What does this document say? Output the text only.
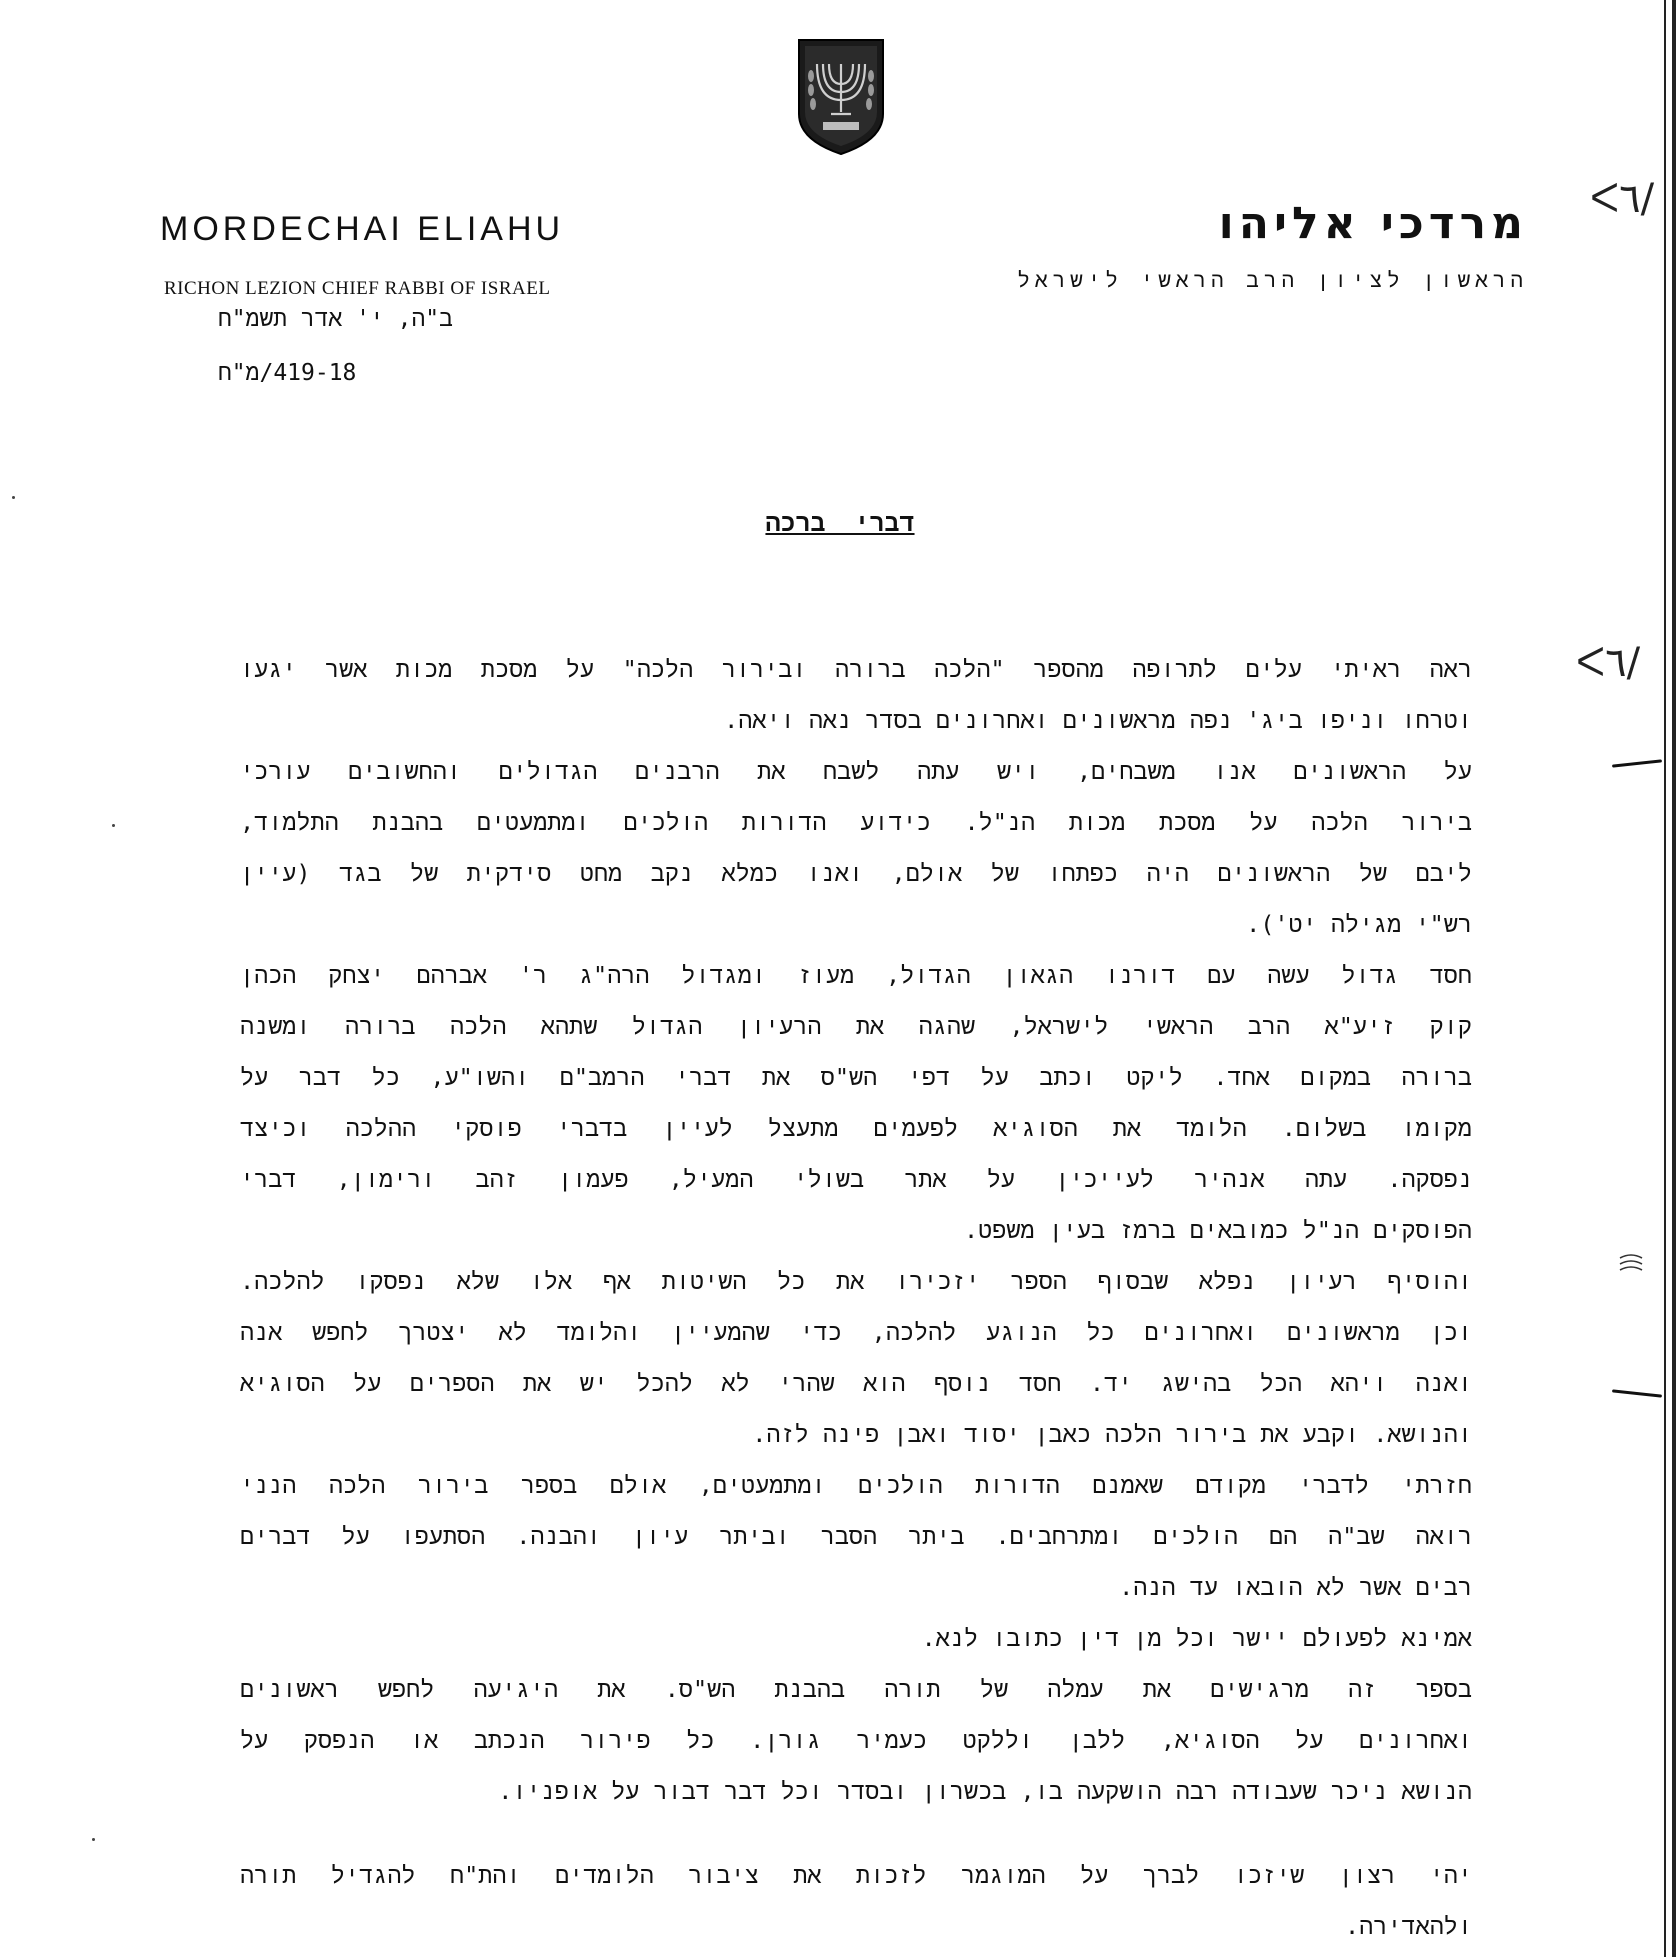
MORDECHAI ELIAHU
RICHON LEZION CHIEF RABBI OF ISRAEL
מרדכי אליהו
הראשון לציון הרב הראשי לישראל
ב"ה, י' אדר תשמ"ח
419-18/מ"ח
דברי ברכה
ראה ראיתי עלים לתרופה מהספר "הלכה ברורה ובירור הלכה" על מסכת מכות אשר יגעו
וטרחו וניפו ביג' נפה מראשונים ואחרונים בסדר נאה ויאה.
על הראשונים אנו משבחים, ויש עתה לשבח את הרבנים הגדולים והחשובים עורכי
בירור הלכה על מסכת מכות הנ"ל. כידוע הדורות הולכים ומתמעטים בהבנת התלמוד,
ליבם של הראשונים היה כפתחו של אולם, ואנו כמלא נקב מחט סידקית של בגד (עיין
רש"י מגילה יט').
חסד גדול עשה עם דורנו הגאון הגדול, מעוז ומגדול הרה"ג ר' אברהם יצחק הכהן
קוק זיע"א הרב הראשי לישראל, שהגה את הרעיון הגדול שתהא הלכה ברורה ומשנה
ברורה במקום אחד. ליקט וכתב על דפי הש"ס את דברי הרמב"ם והשו"ע, כל דבר על
מקומו בשלום. הלומד את הסוגיא לפעמים מתעצל לעיין בדברי פוסקי ההלכה וכיצד
נפסקה. עתה אנהיר לעייכין על אתר בשולי המעיל, פעמון זהב ורימון, דברי
הפוסקים הנ"ל כמובאים ברמז בעין משפט.
והוסיף רעיון נפלא שבסוף הספר יזכירו את כל השיטות אף אלו שלא נפסקו להלכה.
וכן מראשונים ואחרונים כל הנוגע להלכה, כדי שהמעיין והלומד לא יצטרך לחפש אנה
ואנה ויהא הכל בהישג יד. חסד נוסף הוא שהרי לא להכל יש את הספרים על הסוגיא
והנושא. וקבע את בירור הלכה כאבן יסוד ואבן פינה לזה.
חזרתי לדברי מקודם שאמנם הדורות הולכים ומתמעטים, אולם בספר בירור הלכה הנני
רואה שב"ה הם הולכים ומתרחבים. ביתר הסבר וביתר עיון והבנה. הסתעפו על דברים
רבים אשר לא הובאו עד הנה.
אמינא לפעולם יישר וכל מן דין כתובו לנא.
בספר זה מרגישים את עמלה של תורה בהבנת הש"ס. את היגיעה לחפש ראשונים
ואחרונים על הסוגיא, ללבן וללקט כעמיר גורן. כל פירור הנכתב או הנפסק על
הנושא ניכר שעבודה רבה הושקעה בו, בכשרון ובסדר וכל דבר דבור על אופניו.
יהי רצון שיזכו לברך על המוגמר לזכות את ציבור הלומדים והת"ח להגדיל תורה
ולהאדירה.
ᐸ٦/
ᐸ٦/
